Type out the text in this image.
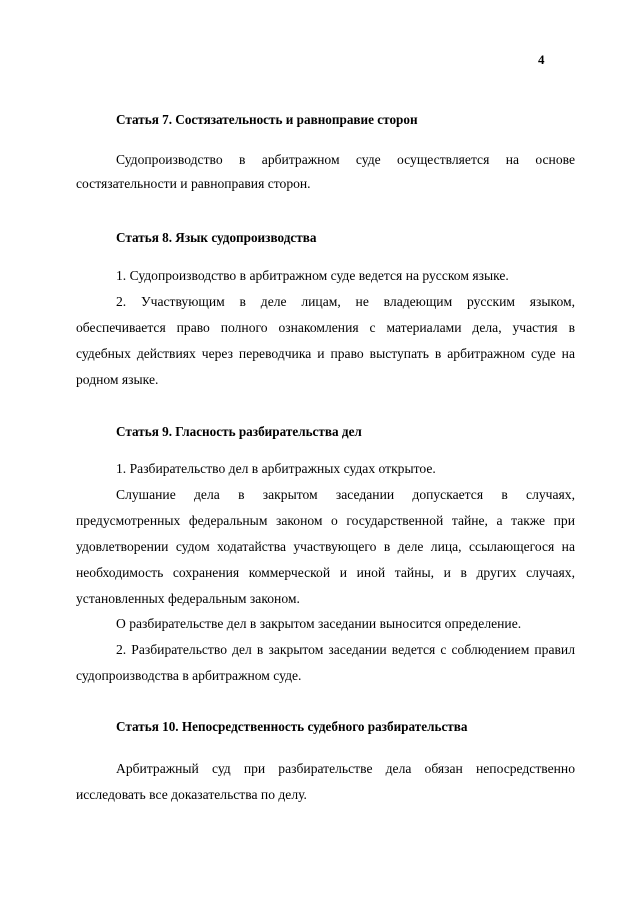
4
Статья 7. Состязательность и равноправие сторон
Судопроизводство в арбитражном суде осуществляется на основе
состязательности и равноправия сторон.
Статья 8. Язык судопроизводства
1. Судопроизводство в арбитражном суде ведется на русском языке.
2. Участвующим в деле лицам, не владеющим русским языком,
обеспечивается право полного ознакомления с материалами дела, участия в
судебных действиях через переводчика и право выступать в арбитражном суде на
родном языке.
Статья 9. Гласность разбирательства дел
1. Разбирательство дел в арбитражных судах открытое.
Слушание дела в закрытом заседании допускается в случаях,
предусмотренных федеральным законом о государственной тайне, а также при
удовлетворении судом ходатайства участвующего в деле лица, ссылающегося на
необходимость сохранения коммерческой и иной тайны, и в других случаях,
установленных федеральным законом.
О разбирательстве дел в закрытом заседании выносится определение.
2. Разбирательство дел в закрытом заседании ведется с соблюдением правил
судопроизводства в арбитражном суде.
Статья 10. Непосредственность судебного разбирательства
Арбитражный суд при разбирательстве дела обязан непосредственно
исследовать все доказательства по делу.
